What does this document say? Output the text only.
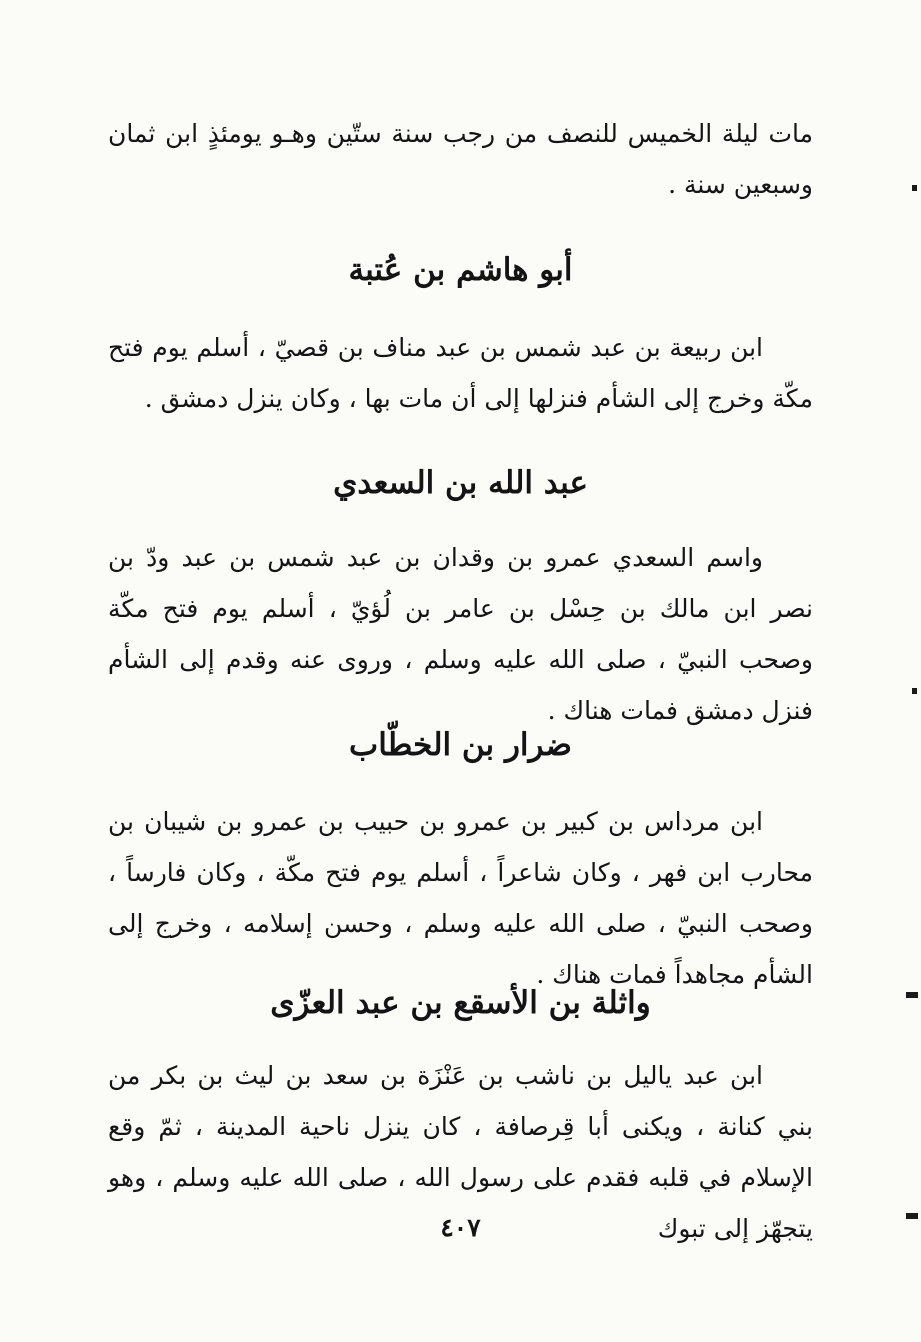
مات ليلة الخميس للنصف من رجب سنة ستّين وهـو يومئذٍ ابن ثمان وسبعين سنة .

أبو هاشم بن عُتبة

ابن ربيعة بن عبد شمس بن عبد مناف بن قصيّ ، أسلم يوم فتح مكّة وخرج إلى الشأم فنزلها إلى أن مات بها ، وكان ينزل دمشق .

عبد الله بن السعدي

واسم السعدي عمرو بن وقدان بن عبد شمس بن عبد ودّ بن نصر ابن مالك بن حِسْل بن عامر بن لُؤيّ ، أسلم يوم فتح مكّة وصحب النبيّ ، صلى الله عليه وسلم ، وروى عنه وقدم إلى الشأم فنزل دمشق فمات هناك .

ضرار بن الخطّاب

ابن مرداس بن كبير بن عمرو بن حبيب بن عمرو بن شيبان بن محارب ابن فهر ، وكان شاعراً ، أسلم يوم فتح مكّة ، وكان فارساً ، وصحب النبيّ ، صلى الله عليه وسلم ، وحسن إسلامه ، وخرج إلى الشأم مجاهداً فمات هناك .

واثلة بن الأسقع بن عبد العزّى

ابن عبد ياليل بن ناشب بن عَنْزَة بن سعد بن ليث بن بكر من بني كنانة ، ويكنى أبا قِرصافة ، كان ينزل ناحية المدينة ، ثمّ وقع الإسلام في قلبه فقدم على رسول الله ، صلى الله عليه وسلم ، وهو يتجهّز إلى تبوك

٤٠٧
